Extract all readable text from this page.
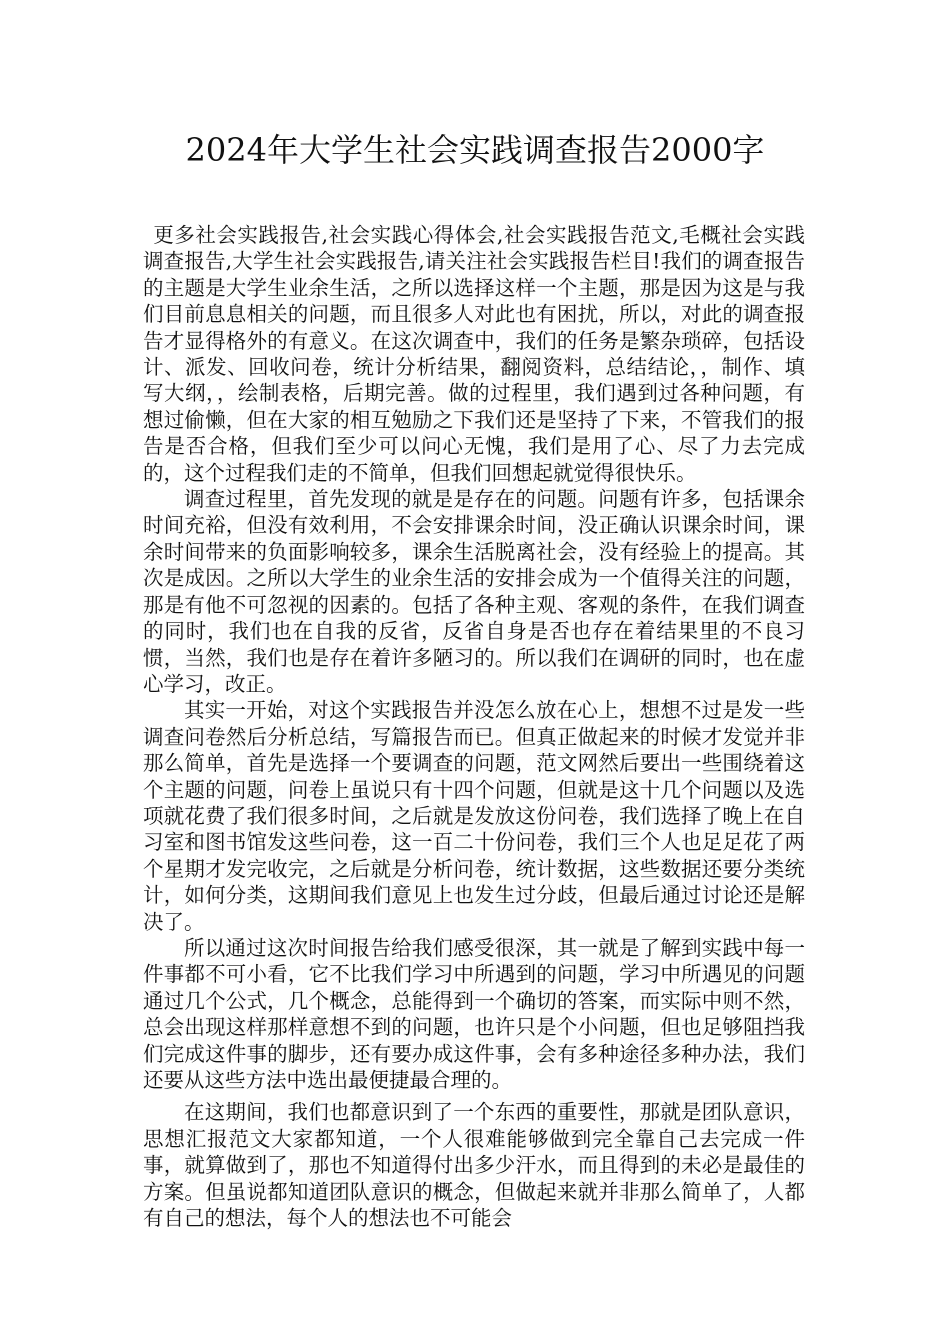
2024年大学生社会实践调查报告2000字

更多社会实践报告,社会实践心得体会,社会实践报告范文,毛概社会实践调查报告,大学生社会实践报告,请关注社会实践报告栏目!我们的调查报告的主题是大学生业余生活，之所以选择这样一个主题，那是因为这是与我们目前息息相关的问题，而且很多人对此也有困扰，所以，对此的调查报告才显得格外的有意义。在这次调查中，我们的任务是繁杂琐碎，包括设计、派发、回收问卷，统计分析结果，翻阅资料，总结结论，，制作、填写大纲，，绘制表格，后期完善。做的过程里，我们遇到过各种问题，有想过偷懒，但在大家的相互勉励之下我们还是坚持了下来，不管我们的报告是否合格，但我们至少可以问心无愧，我们是用了心、尽了力去完成的，这个过程我们走的不简单，但我们回想起就觉得很快乐。

调查过程里，首先发现的就是是存在的问题。问题有许多，包括课余时间充裕，但没有效利用，不会安排课余时间，没正确认识课余时间，课余时间带来的负面影响较多，课余生活脱离社会，没有经验上的提高。其次是成因。之所以大学生的业余生活的安排会成为一个值得关注的问题，那是有他不可忽视的因素的。包括了各种主观、客观的条件，在我们调查的同时，我们也在自我的反省，反省自身是否也存在着结果里的不良习惯，当然，我们也是存在着许多陋习的。所以我们在调研的同时，也在虚心学习，改正。

其实一开始，对这个实践报告并没怎么放在心上，想想不过是发一些调查问卷然后分析总结，写篇报告而已。但真正做起来的时候才发觉并非那么简单，首先是选择一个要调查的问题，范文网然后要出一些围绕着这个主题的问题，问卷上虽说只有十四个问题，但就是这十几个问题以及选项就花费了我们很多时间，之后就是发放这份问卷，我们选择了晚上在自习室和图书馆发这些问卷，这一百二十份问卷，我们三个人也足足花了两个星期才发完收完，之后就是分析问卷，统计数据，这些数据还要分类统计，如何分类，这期间我们意见上也发生过分歧，但最后通过讨论还是解决了。

所以通过这次时间报告给我们感受很深，其一就是了解到实践中每一件事都不可小看，它不比我们学习中所遇到的问题，学习中所遇见的问题通过几个公式，几个概念，总能得到一个确切的答案，而实际中则不然，总会出现这样那样意想不到的问题，也许只是个小问题，但也足够阻挡我们完成这件事的脚步，还有要办成这件事，会有多种途径多种办法，我们还要从这些方法中选出最便捷最合理的。

在这期间，我们也都意识到了一个东西的重要性，那就是团队意识，思想汇报范文大家都知道，一个人很难能够做到完全靠自己去完成一件事，就算做到了，那也不知道得付出多少汗水，而且得到的未必是最佳的方案。但虽说都知道团队意识的概念，但做起来就并非那么简单了，人都有自己的想法，每个人的想法也不可能会
